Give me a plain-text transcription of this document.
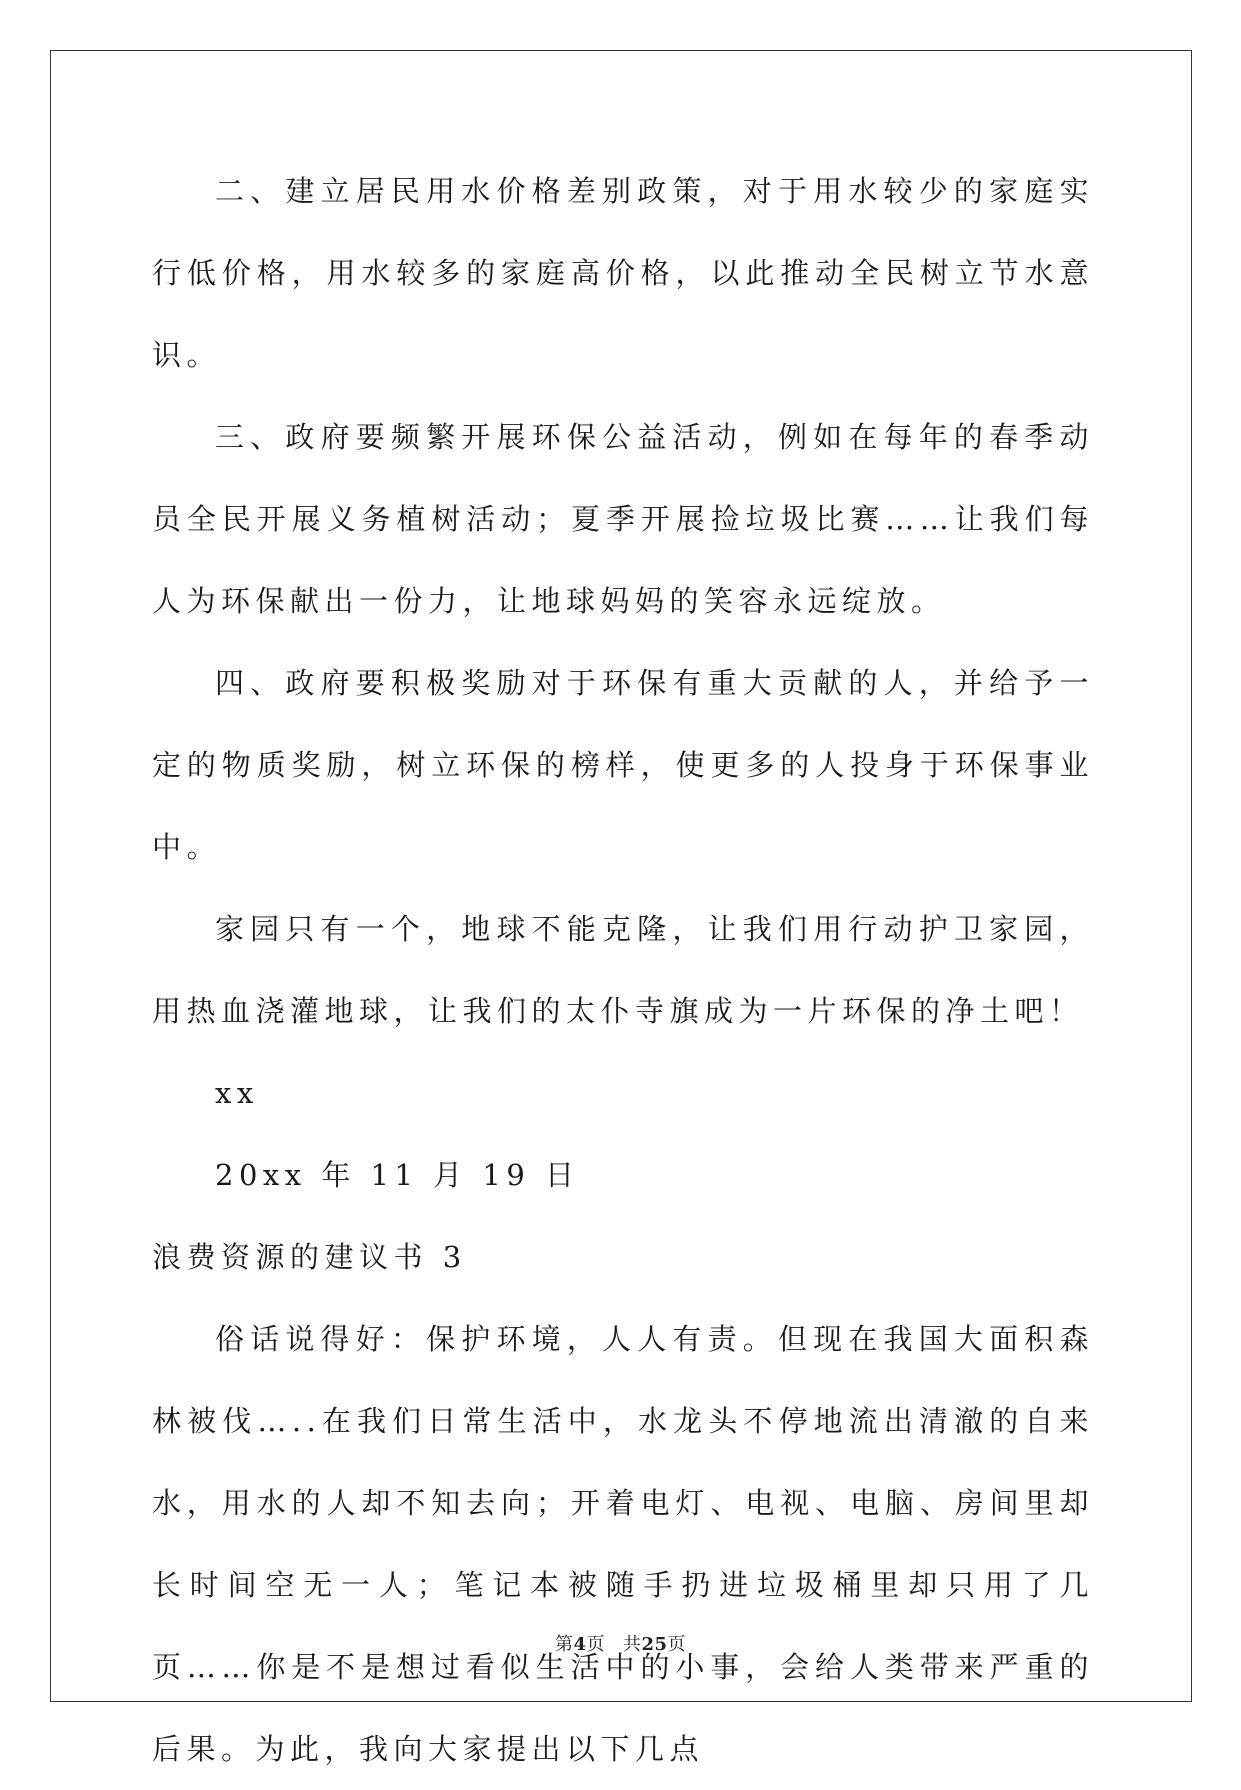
二、建立居民用水价格差别政策，对于用水较少的家庭实行低价格，用水较多的家庭高价格，以此推动全民树立节水意识。

三、政府要频繁开展环保公益活动，例如在每年的春季动员全民开展义务植树活动；夏季开展捡垃圾比赛……让我们每人为环保献出一份力，让地球妈妈的笑容永远绽放。

四、政府要积极奖励对于环保有重大贡献的人，并给予一定的物质奖励，树立环保的榜样，使更多的人投身于环保事业中。

家园只有一个，地球不能克隆，让我们用行动护卫家园，用热血浇灌地球，让我们的太仆寺旗成为一片环保的净土吧！

xx

20xx 年 11 月 19 日

浪费资源的建议书 3

俗话说得好：保护环境，人人有责。但现在我国大面积森林被伐…..在我们日常生活中，水龙头不停地流出清澈的自来水，用水的人却不知去向；开着电灯、电视、电脑、房间里却长时间空无一人；笔记本被随手扔进垃圾桶里却只用了几页……你是不是想过看似生活中的小事，会给人类带来严重的后果。为此，我向大家提出以下几点

第4页 共25页
